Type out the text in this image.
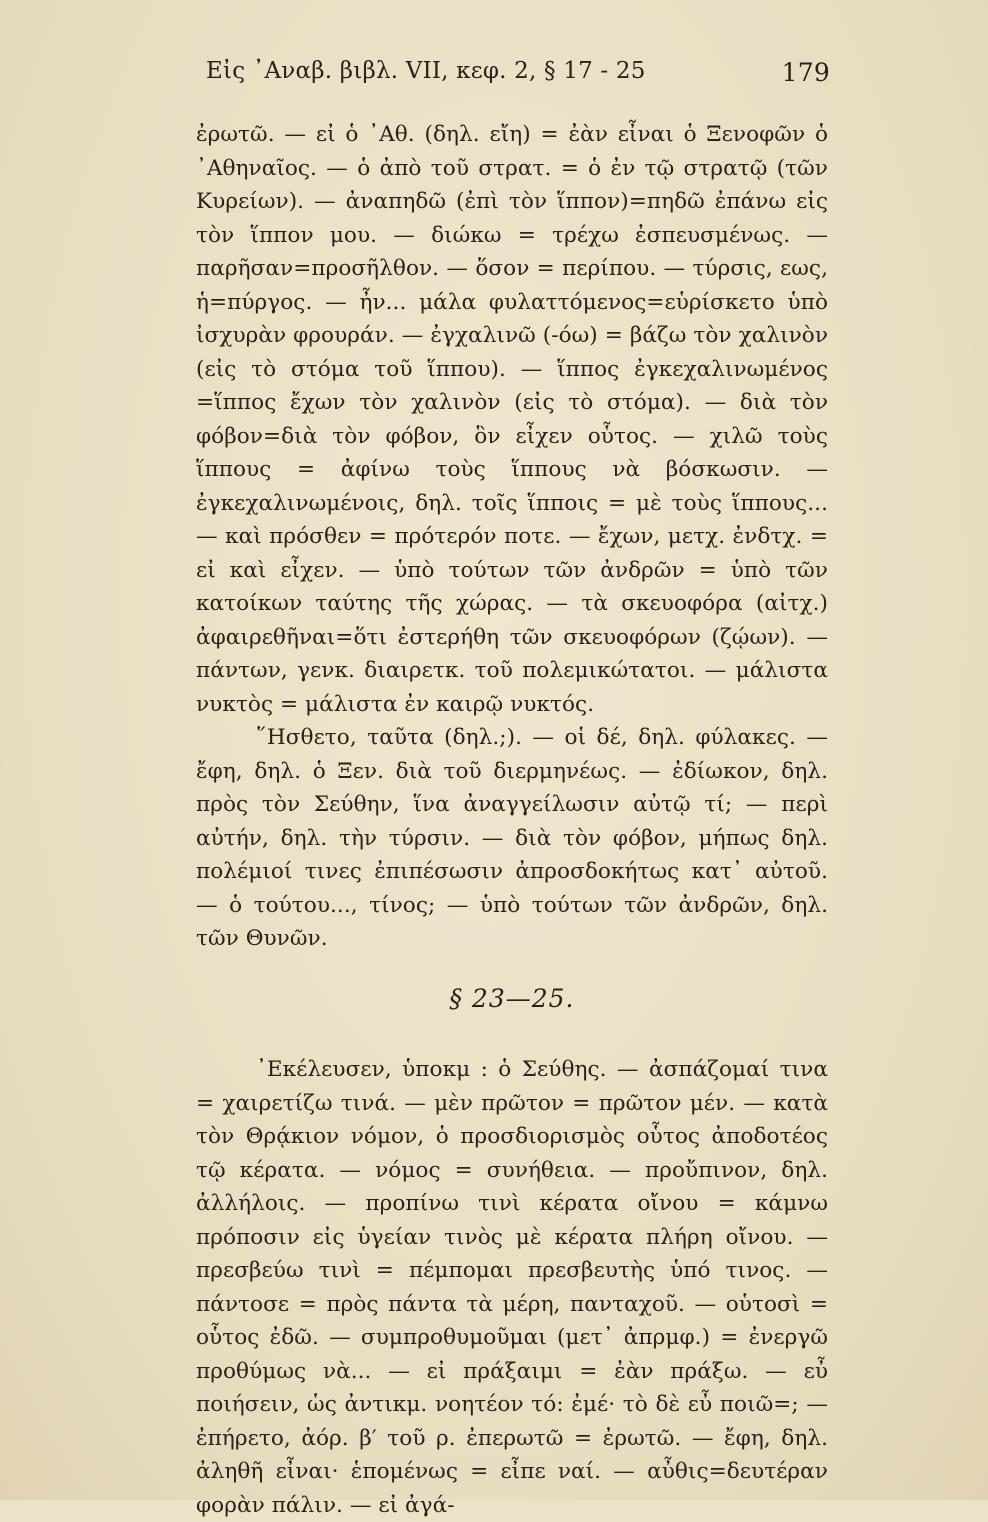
Εἰς ᾿Αναβ. βιβλ. VII, κεφ. 2, § 17 - 25	179

ἐρωτῶ. — εἰ ὁ ᾿Αθ. (δηλ. εἴη) = ἐὰν εἶναι ὁ Ξενοφῶν ὁ ᾿Αθηναῖος. — ὁ ἀπὸ τοῦ στρατ. = ὁ ἐν τῷ στρατῷ (τῶν Κυρείων). — ἀναπηδῶ (ἐπὶ τὸν ἵππον)=πηδῶ ἐπάνω εἰς τὸν ἵππον μου. — διώκω = τρέχω ἐσπευσμένως. — παρῆσαν=προσῆλθον. — ὅσον = περίπου. — τύρσις, εως, ἡ=πύργος. — ἦν... μάλα φυλαττόμενος=εὑρίσκετο ὑπὸ ἰσχυρὰν φρουράν. — ἐγχαλινῶ (-όω) = βάζω τὸν χαλινὸν (εἰς τὸ στόμα τοῦ ἵππου). — ἵππος ἐγκεχαλινωμένος =ἵππος ἔχων τὸν χαλινὸν (εἰς τὸ στόμα). — διὰ τὸν φόβον=διὰ τὸν φόβον, ὃν εἶχεν οὗτος. — χιλῶ τοὺς ἵππους = ἀφίνω τοὺς ἵππους νὰ βόσκωσιν. — ἐγκεχαλινωμένοις, δηλ. τοῖς ἵπποις = μὲ τοὺς ἵππους... — καὶ πρόσθεν = πρότερόν ποτε. — ἔχων, μετχ. ἐνδτχ. = εἰ καὶ εἶχεν. — ὑπὸ τούτων τῶν ἀνδρῶν = ὑπὸ τῶν κατοίκων ταύτης τῆς χώρας. — τὰ σκευοφόρα (αἰτχ.) ἀφαιρεθῆναι=ὅτι ἐστερήθη τῶν σκευοφόρων (ζῴων). — πάντων, γενκ. διαιρετκ. τοῦ πολεμικώτατοι. — μάλιστα νυκτὸς = μάλιστα ἐν καιρῷ νυκτός.

῞Ησθετο, ταῦτα (δηλ.;). — οἱ δέ, δηλ. φύλακες. — ἔφη, δηλ. ὁ Ξεν. διὰ τοῦ διερμηνέως. — ἐδίωκον, δηλ. πρὸς τὸν Σεύθην, ἵνα ἀναγγείλωσιν αὐτῷ τί; — περὶ αὐτήν, δηλ. τὴν τύρσιν. — διὰ τὸν φόβον, μήπως δηλ. πολέμιοί τινες ἐπιπέσωσιν ἀπροσδοκήτως κατ᾿ αὐτοῦ. — ὁ τούτου..., τίνος; — ὑπὸ τούτων τῶν ἀνδρῶν, δηλ. τῶν Θυνῶν.

§ 23—25.

᾿Εκέλευσεν, ὑποκμ : ὁ Σεύθης. — ἀσπάζομαί τινα = χαιρετίζω τινά. — μὲν πρῶτον = πρῶτον μέν. — κατὰ τὸν Θρᾴκιον νόμον, ὁ προσδιορισμὸς οὗτος ἀποδοτέος τῷ κέρατα. — νόμος = συνήθεια. — προὔπινον, δηλ. ἀλλήλοις. — προπίνω τινὶ κέρατα οἴνου = κάμνω πρόποσιν εἰς ὑγείαν τινὸς μὲ κέρατα πλήρη οἴνου. — πρεσβεύω τινὶ = πέμπομαι πρεσβευτὴς ὑπό τινος. — πάντοσε = πρὸς πάντα τὰ μέρη, πανταχοῦ. — οὑτοσὶ = οὗτος ἐδῶ. — συμπροθυμοῦμαι (μετ᾿ ἀπρμφ.) = ἐνεργῶ προθύμως νὰ... — εἰ πράξαιμι = ἐὰν πράξω. — εὖ ποιήσειν, ὡς ἀντικμ. νοητέον τό: ἐμέ· τὸ δὲ εὖ ποιῶ=; — ἐπήρετο, ἀόρ. β′ τοῦ ρ. ἐπερωτῶ = ἐρωτῶ. — ἔφη, δηλ. ἀληθῆ εἶναι· ἑπομένως = εἶπε ναί. — αὖθις=δευτέραν φορὰν πάλιν. — εἰ ἀγά-
